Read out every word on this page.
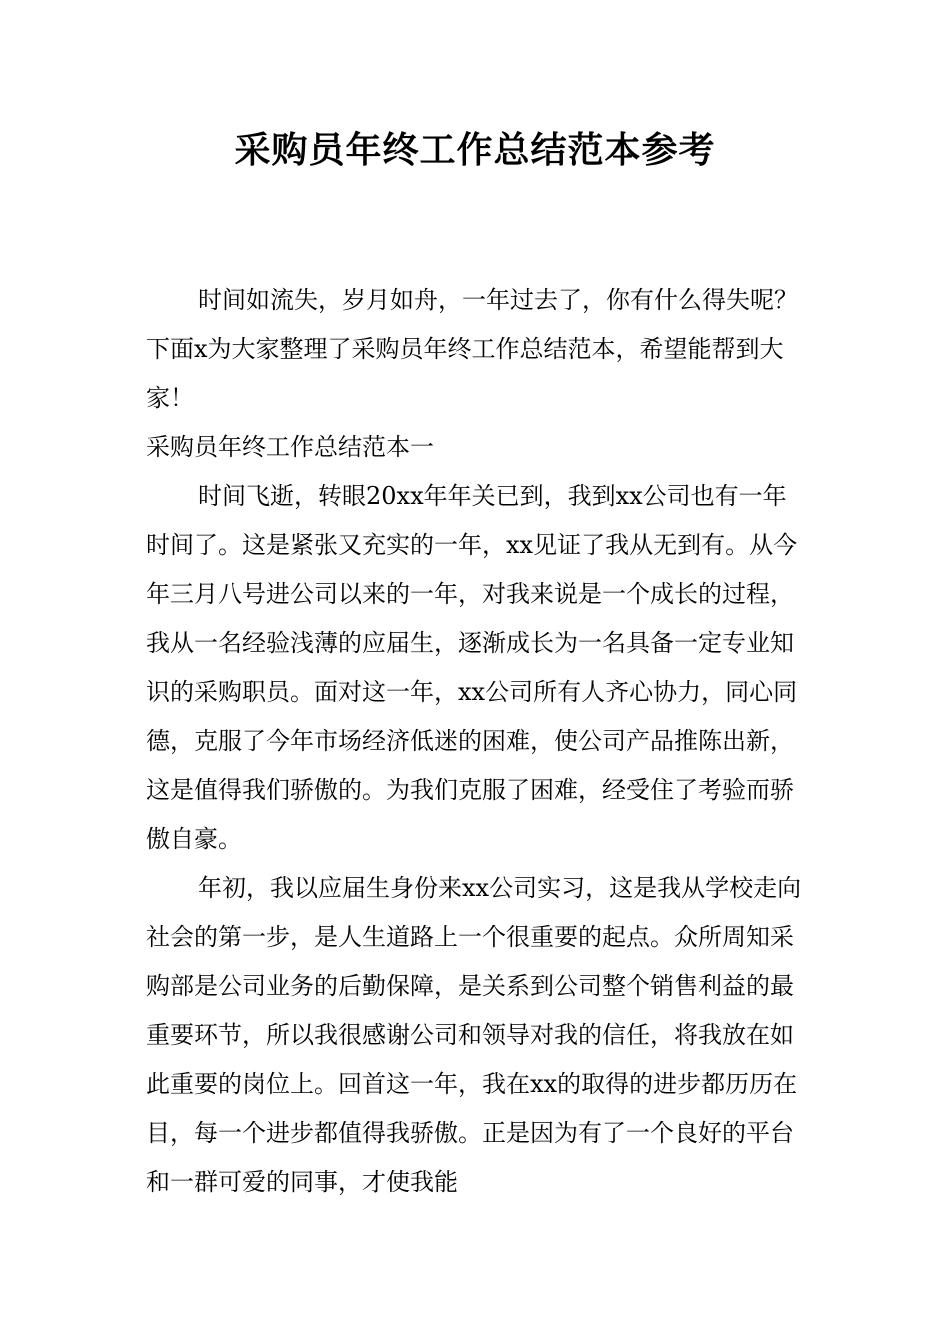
采购员年终工作总结范本参考

时间如流失，岁月如舟，一年过去了，你有什么得失呢？下面x为大家整理了采购员年终工作总结范本，希望能帮到大家！

采购员年终工作总结范本一

时间飞逝，转眼20xx年年关已到，我到xx公司也有一年时间了。这是紧张又充实的一年，xx见证了我从无到有。从今年三月八号进公司以来的一年，对我来说是一个成长的过程，我从一名经验浅薄的应届生，逐渐成长为一名具备一定专业知识的采购职员。面对这一年，xx公司所有人齐心协力，同心同德，克服了今年市场经济低迷的困难，使公司产品推陈出新，这是值得我们骄傲的。为我们克服了困难，经受住了考验而骄傲自豪。

年初，我以应届生身份来xx公司实习，这是我从学校走向社会的第一步，是人生道路上一个很重要的起点。众所周知采购部是公司业务的后勤保障，是关系到公司整个销售利益的最重要环节，所以我很感谢公司和领导对我的信任，将我放在如此重要的岗位上。回首这一年，我在xx的取得的进步都历历在目，每一个进步都值得我骄傲。正是因为有了一个良好的平台和一群可爱的同事，才使我能
